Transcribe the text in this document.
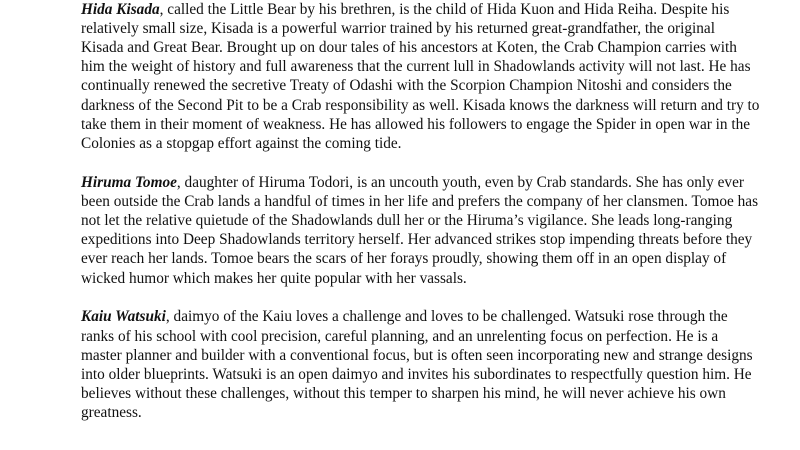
Hida Kisada, called the Little Bear by his brethren, is the child of Hida Kuon and Hida Reiha. Despite his relatively small size, Kisada is a powerful warrior trained by his returned great-grandfather, the original Kisada and Great Bear. Brought up on dour tales of his ancestors at Koten, the Crab Champion carries with him the weight of history and full awareness that the current lull in Shadowlands activity will not last. He has continually renewed the secretive Treaty of Odashi with the Scorpion Champion Nitoshi and considers the darkness of the Second Pit to be a Crab responsibility as well. Kisada knows the darkness will return and try to take them in their moment of weakness. He has allowed his followers to engage the Spider in open war in the Colonies as a stopgap effort against the coming tide.

Hiruma Tomoe, daughter of Hiruma Todori, is an uncouth youth, even by Crab standards. She has only ever been outside the Crab lands a handful of times in her life and prefers the company of her clansmen. Tomoe has not let the relative quietude of the Shadowlands dull her or the Hiruma’s vigilance. She leads long-ranging expeditions into Deep Shadowlands territory herself. Her advanced strikes stop impending threats before they ever reach her lands. Tomoe bears the scars of her forays proudly, showing them off in an open display of wicked humor which makes her quite popular with her vassals.

Kaiu Watsuki, daimyo of the Kaiu loves a challenge and loves to be challenged. Watsuki rose through the ranks of his school with cool precision, careful planning, and an unrelenting focus on perfection. He is a master planner and builder with a conventional focus, but is often seen incorporating new and strange designs into older blueprints. Watsuki is an open daimyo and invites his subordinates to respectfully question him. He believes without these challenges, without this temper to sharpen his mind, he will never achieve his own greatness.
